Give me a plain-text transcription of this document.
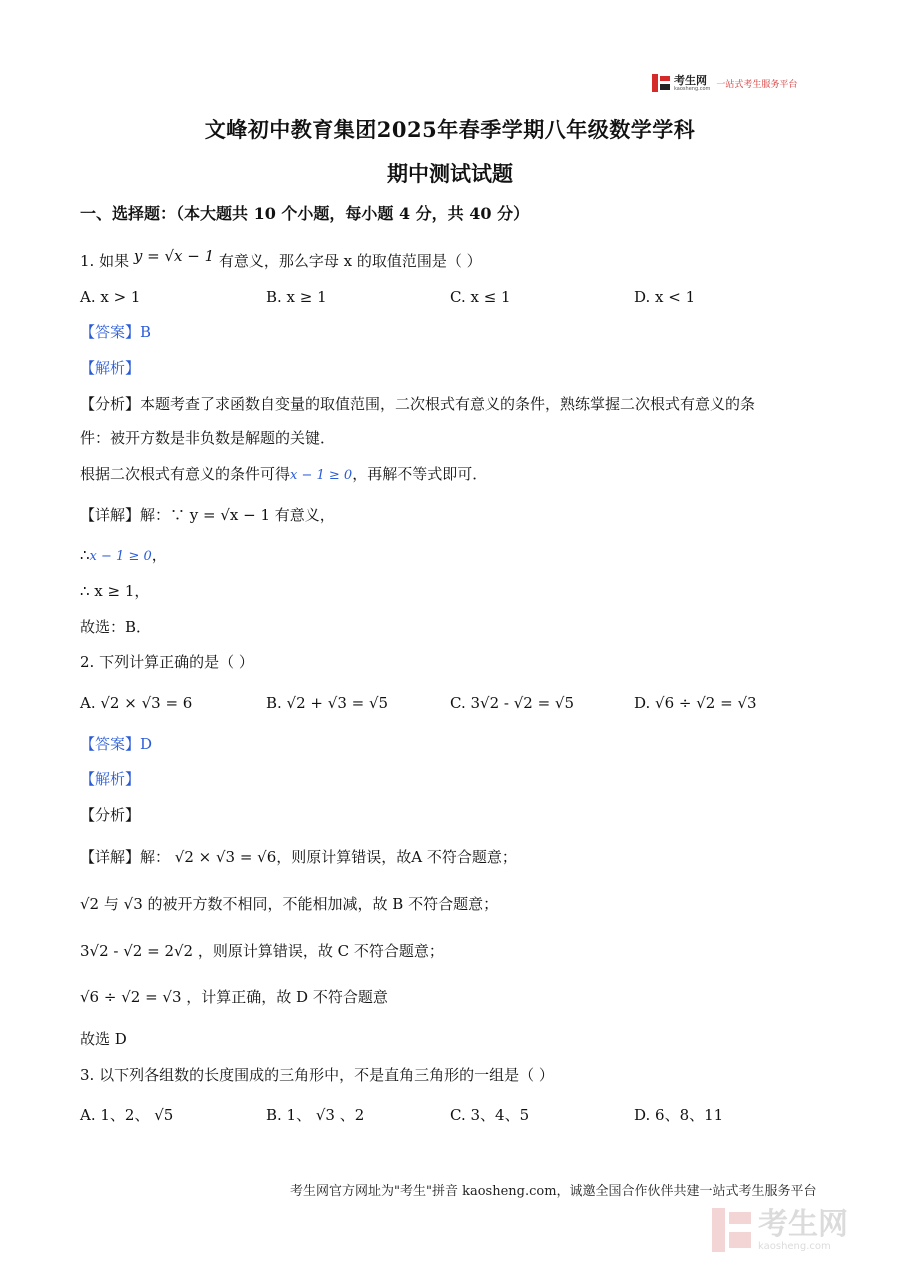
考生网
kaosheng.com 一站式考生服务平台
文峰初中教育集团2025年春季学期八年级数学学科
期中测试试题
一、选择题：（本大题共 10 个小题，每小题 4 分，共 40 分）
1. 如果 y = √x − 1 有意义，那么字母 x 的取值范围是（ ）
A. x > 1	B. x ≥ 1	C. x ≤ 1	D. x < 1
【答案】B
【解析】
【分析】本题考查了求函数自变量的取值范围，二次根式有意义的条件，熟练掌握二次根式有意义的条
件：被开方数是非负数是解题的关键．
根据二次根式有意义的条件可得x − 1 ≥ 0，再解不等式即可．
【详解】解：∵ y = √x − 1 有意义，
∴x − 1 ≥ 0，
∴ x ≥ 1，
故选：B．
2. 下列计算正确的是（ ）
A. √2 × √3 = 6	B. √2 + √3 = √5	C. 3√2 - √2 = √5	D. √6 ÷ √2 = √3
【答案】D
【解析】
【分析】
【详解】解： √2 × √3 = √6，则原计算错误，故A 不符合题意；
√2 与 √3 的被开方数不相同，不能相加减，故 B 不符合题意；
3√2 - √2 = 2√2 ，则原计算错误，故 C 不符合题意；
√6 ÷ √2 = √3 ，计算正确，故 D 不符合题意
故选 D
3. 以下列各组数的长度围成的三角形中，不是直角三角形的一组是（ ）
A. 1、2、 √5	B. 1、 √3 、2	C. 3、4、5	D. 6、8、11
考生网官方网址为"考生"拼音 kaosheng.com，诚邀全国合作伙伴共建一站式考生服务平台
考生网
kaosheng.com
